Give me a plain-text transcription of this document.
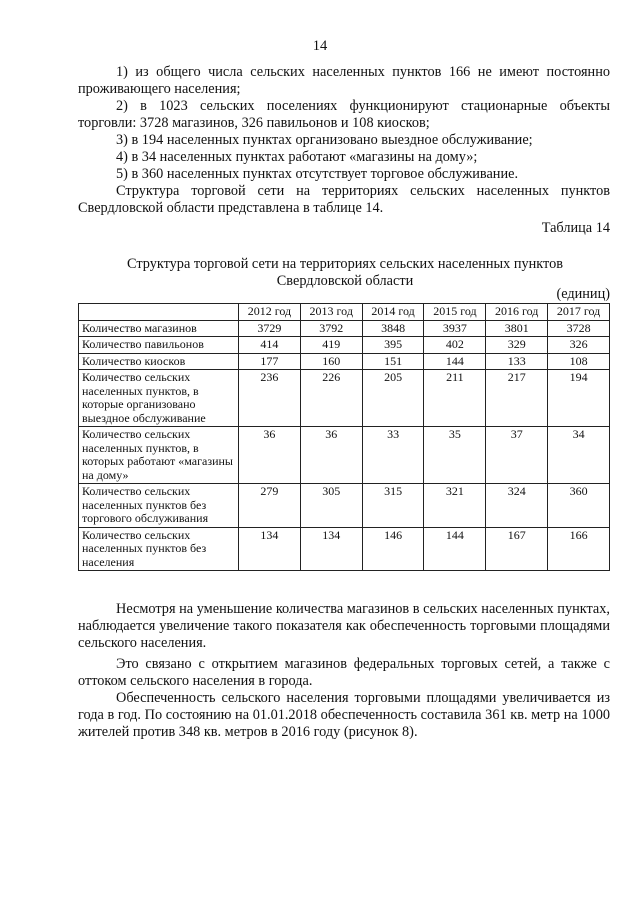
14

1) из общего числа сельских населенных пунктов 166 не имеют постоянно проживающего населения;

2) в 1023 сельских поселениях функционируют стационарные объекты торговли: 3728 магазинов, 326 павильонов и 108 киосков;

3) в 194 населенных пунктах организовано выездное обслуживание;

4) в 34 населенных пунктах работают «магазины на дому»;

5) в 360 населенных пунктах отсутствует торговое обслуживание.

Структура торговой сети на территориях сельских населенных пунктов Свердловской области представлена в таблице 14.

Таблица 14
Структура торговой сети на территориях сельских населенных пунктов Свердловской области
(единиц)
	2012 год	2013 год	2014 год	2015 год	2016 год	2017 год
Количество магазинов	3729	3792	3848	3937	3801	3728
Количество павильонов	414	419	395	402	329	326
Количество киосков	177	160	151	144	133	108
Количество сельских населенных пунктов, в которые организовано выездное обслуживание	236	226	205	211	217	194
Количество сельских населенных пунктов, в которых работают «магазины на дому»	36	36	33	35	37	34
Количество сельских населенных пунктов без торгового обслуживания	279	305	315	321	324	360
Количество сельских населенных пунктов без населения	134	134	146	144	167	166

Несмотря на уменьшение количества магазинов в сельских населенных пунктах, наблюдается увеличение такого показателя как обеспеченность торговыми площадями сельского населения.

Это связано с открытием магазинов федеральных торговых сетей, а также с оттоком сельского населения в города.

Обеспеченность сельского населения торговыми площадями увеличивается из года в год. По состоянию на 01.01.2018 обеспеченность составила 361 кв. метр на 1000 жителей против 348 кв. метров в 2016 году (рисунок 8).
